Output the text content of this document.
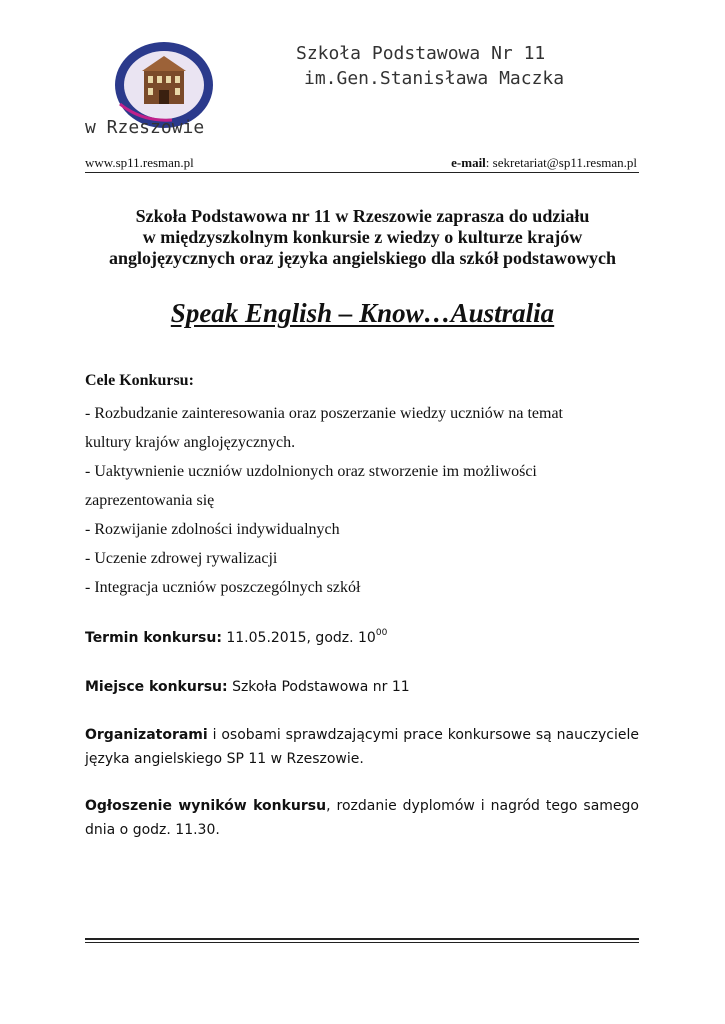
Szkoła Podstawowa Nr 11
im.Gen.Stanisława Maczka
w Rzeszowie
www.sp11.resman.pl	e-mail: sekretariat@sp11.resman.pl
Szkoła Podstawowa nr 11 w Rzeszowie zaprasza do udziału
w międzyszkolnym konkursie z wiedzy o kulturze krajów
anglojęzycznych oraz języka angielskiego dla szkół podstawowych
Speak English – Know…Australia
Cele Konkursu:
- Rozbudzanie zainteresowania oraz poszerzanie wiedzy uczniów na temat
kultury krajów anglojęzycznych.
- Uaktywnienie uczniów uzdolnionych oraz stworzenie im możliwości
zaprezentowania się
- Rozwijanie zdolności indywidualnych
- Uczenie zdrowej rywalizacji
- Integracja uczniów poszczególnych szkół
Termin konkursu: 11.05.2015, godz. $10^{00}$
Miejsce konkursu: Szkoła Podstawowa nr 11
Organizatorami i osobami sprawdzającymi prace konkursowe są nauczyciele języka angielskiego SP 11 w Rzeszowie.
Ogłoszenie wyników konkursu, rozdanie dyplomów i nagród tego samego dnia o godz. 11.30.
